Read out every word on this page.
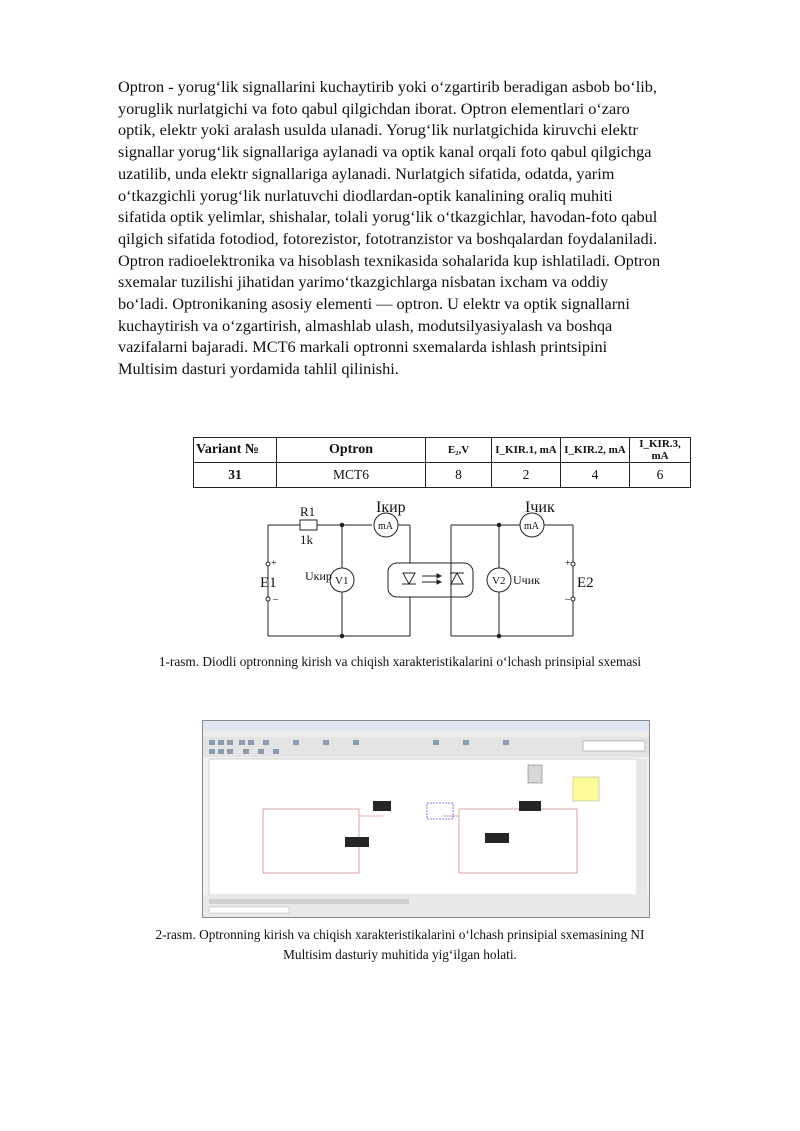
Optron - yorug‘lik signallarini kuchaytirib yoki o‘zgartirib beradigan asbob bo‘lib,
yoruglik nurlatgichi va foto qabul qilgichdan iborat. Optron elementlari o‘zaro
optik, elektr yoki aralash usulda ulanadi. Yorug‘lik nurlatgichida kiruvchi elektr
signallar yorug‘lik signallariga aylanadi va optik kanal orqali foto qabul qilgichga
uzatilib, unda elektr signallariga aylanadi. Nurlatgich sifatida, odatda, yarim
o‘tkazgichli yorug‘lik nurlatuvchi diodlardan-optik kanalining oraliq muhiti
sifatida optik yelimlar, shishalar, tolali yorug‘lik o‘tkazgichlar, havodan-foto qabul
qilgich sifatida fotodiod, fotorezistor, fototranzistor va boshqalardan foydalaniladi.
Optron radioelektronika va hisoblash texnikasida sohalarida kup ishlatiladi. Optron
sxemalar tuzilishi jihatidan yarimo‘tkazgichlarga nisbatan ixcham va oddiy
bo‘ladi. Optronikaning asosiy elementi — optron. U elektr va optik signallarni
kuchaytirish va o‘zgartirish, almashlab ulash, modutsilyasiyalash va boshqa
vazifalarni bajaradi. MCT6 markali optronni sxemalarda ishlash printsipini
Multisim dasturi yordamida tahlil qilinishi.

Variant №	Optron	E₂,V	I_KIR.1, mA	I_KIR.2, mA	I_KIR.3, mA
31	MCT6	8	2	4	6
R1
1k
Iкир
mA
Iчик
mA
Uкир V1	V2 Uчик
E1	E2
+
–
+
–

1-rasm. Diodli optronning kirish va chiqish xarakteristikalarini o‘lchash prinsipial sxemasi

2-rasm. Optronning kirish va chiqish xarakteristikalarini o‘lchash prinsipial sxemasining NI
Multisim dasturiy muhitida yig‘ilgan holati.
